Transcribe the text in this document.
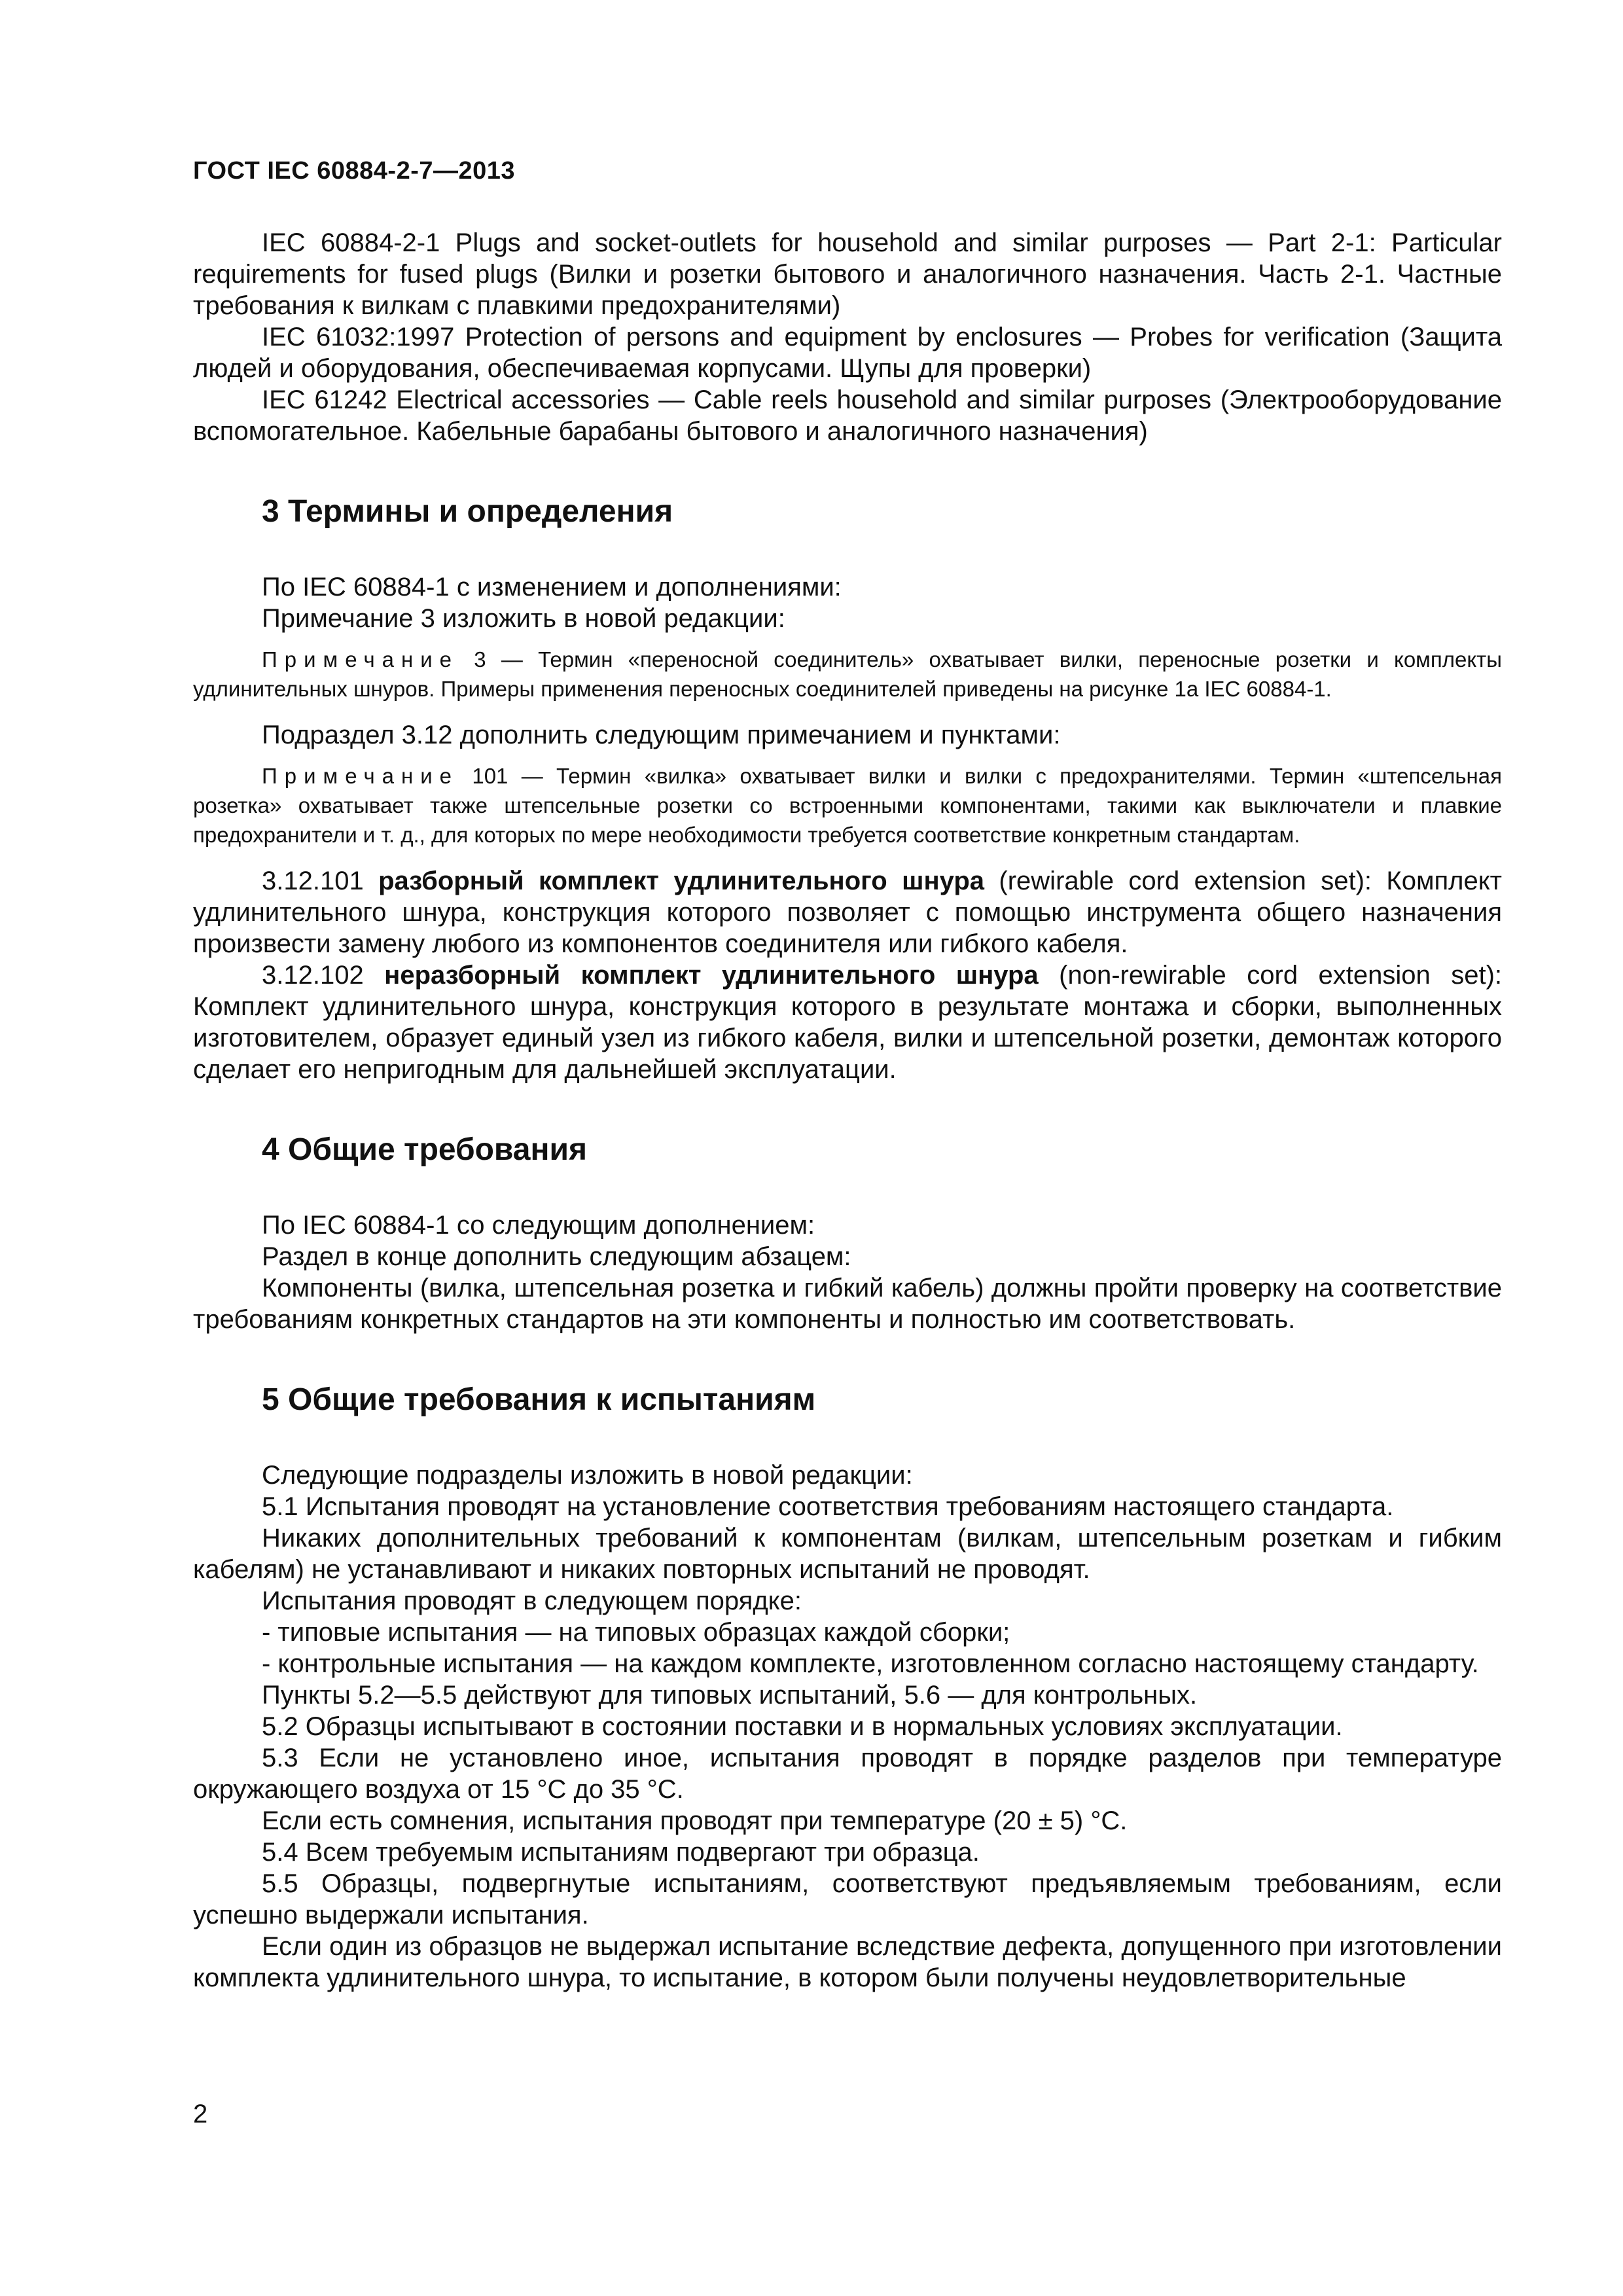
ГОСТ IEC 60884-2-7—2013

IEC 60884-2-1 Plugs and socket-outlets for household and similar purposes — Part 2-1: Particular requirements for fused plugs (Вилки и розетки бытового и аналогичного назначения. Часть 2-1. Частные требования к вилкам с плавкими предохранителями)

IEC 61032:1997 Protection of persons and equipment by enclosures — Probes for verification (Защита людей и оборудования, обеспечиваемая корпусами. Щупы для проверки)

IEC 61242 Electrical accessories — Cable reels household and similar purposes (Электрооборудование вспомогательное. Кабельные барабаны бытового и аналогичного назначения)

3 Термины и определения

По IEC 60884-1 с изменением и дополнениями:

Примечание 3 изложить в новой редакции:

Примечание 3 — Термин «переносной соединитель» охватывает вилки, переносные розетки и комплекты удлинительных шнуров. Примеры применения переносных соединителей приведены на рисунке 1а IEC 60884-1.

Подраздел 3.12 дополнить следующим примечанием и пунктами:

Примечание 101 — Термин «вилка» охватывает вилки и вилки с предохранителями. Термин «штепсельная розетка» охватывает также штепсельные розетки со встроенными компонентами, такими как выключатели и плавкие предохранители и т. д., для которых по мере необходимости требуется соответствие конкретным стандартам.

3.12.101 разборный комплект удлинительного шнура (rewirable cord extension set): Комплект удлинительного шнура, конструкция которого позволяет с помощью инструмента общего назначения произвести замену любого из компонентов соединителя или гибкого кабеля.

3.12.102 неразборный комплект удлинительного шнура (non-rewirable cord extension set): Комплект удлинительного шнура, конструкция которого в результате монтажа и сборки, выполненных изготовителем, образует единый узел из гибкого кабеля, вилки и штепсельной розетки, демонтаж которого сделает его непригодным для дальнейшей эксплуатации.

4 Общие требования

По IEC 60884-1 со следующим дополнением:

Раздел в конце дополнить следующим абзацем:

Компоненты (вилка, штепсельная розетка и гибкий кабель) должны пройти проверку на соответствие требованиям конкретных стандартов на эти компоненты и полностью им соответствовать.

5 Общие требования к испытаниям

Следующие подразделы изложить в новой редакции:

5.1 Испытания проводят на установление соответствия требованиям настоящего стандарта.

Никаких дополнительных требований к компонентам (вилкам, штепсельным розеткам и гибким кабелям) не устанавливают и никаких повторных испытаний не проводят.

Испытания проводят в следующем порядке:

- типовые испытания — на типовых образцах каждой сборки;

- контрольные испытания — на каждом комплекте, изготовленном согласно настоящему стандарту.

Пункты 5.2—5.5 действуют для типовых испытаний, 5.6 — для контрольных.

5.2 Образцы испытывают в состоянии поставки и в нормальных условиях эксплуатации.

5.3 Если не установлено иное, испытания проводят в порядке разделов при температуре окружающего воздуха от 15 °С до 35 °С.

Если есть сомнения, испытания проводят при температуре (20 ± 5) °С.

5.4 Всем требуемым испытаниям подвергают три образца.

5.5 Образцы, подвергнутые испытаниям, соответствуют предъявляемым требованиям, если успешно выдержали испытания.

Если один из образцов не выдержал испытание вследствие дефекта, допущенного при изготовлении комплекта удлинительного шнура, то испытание, в котором были получены неудовлетворительные

2
